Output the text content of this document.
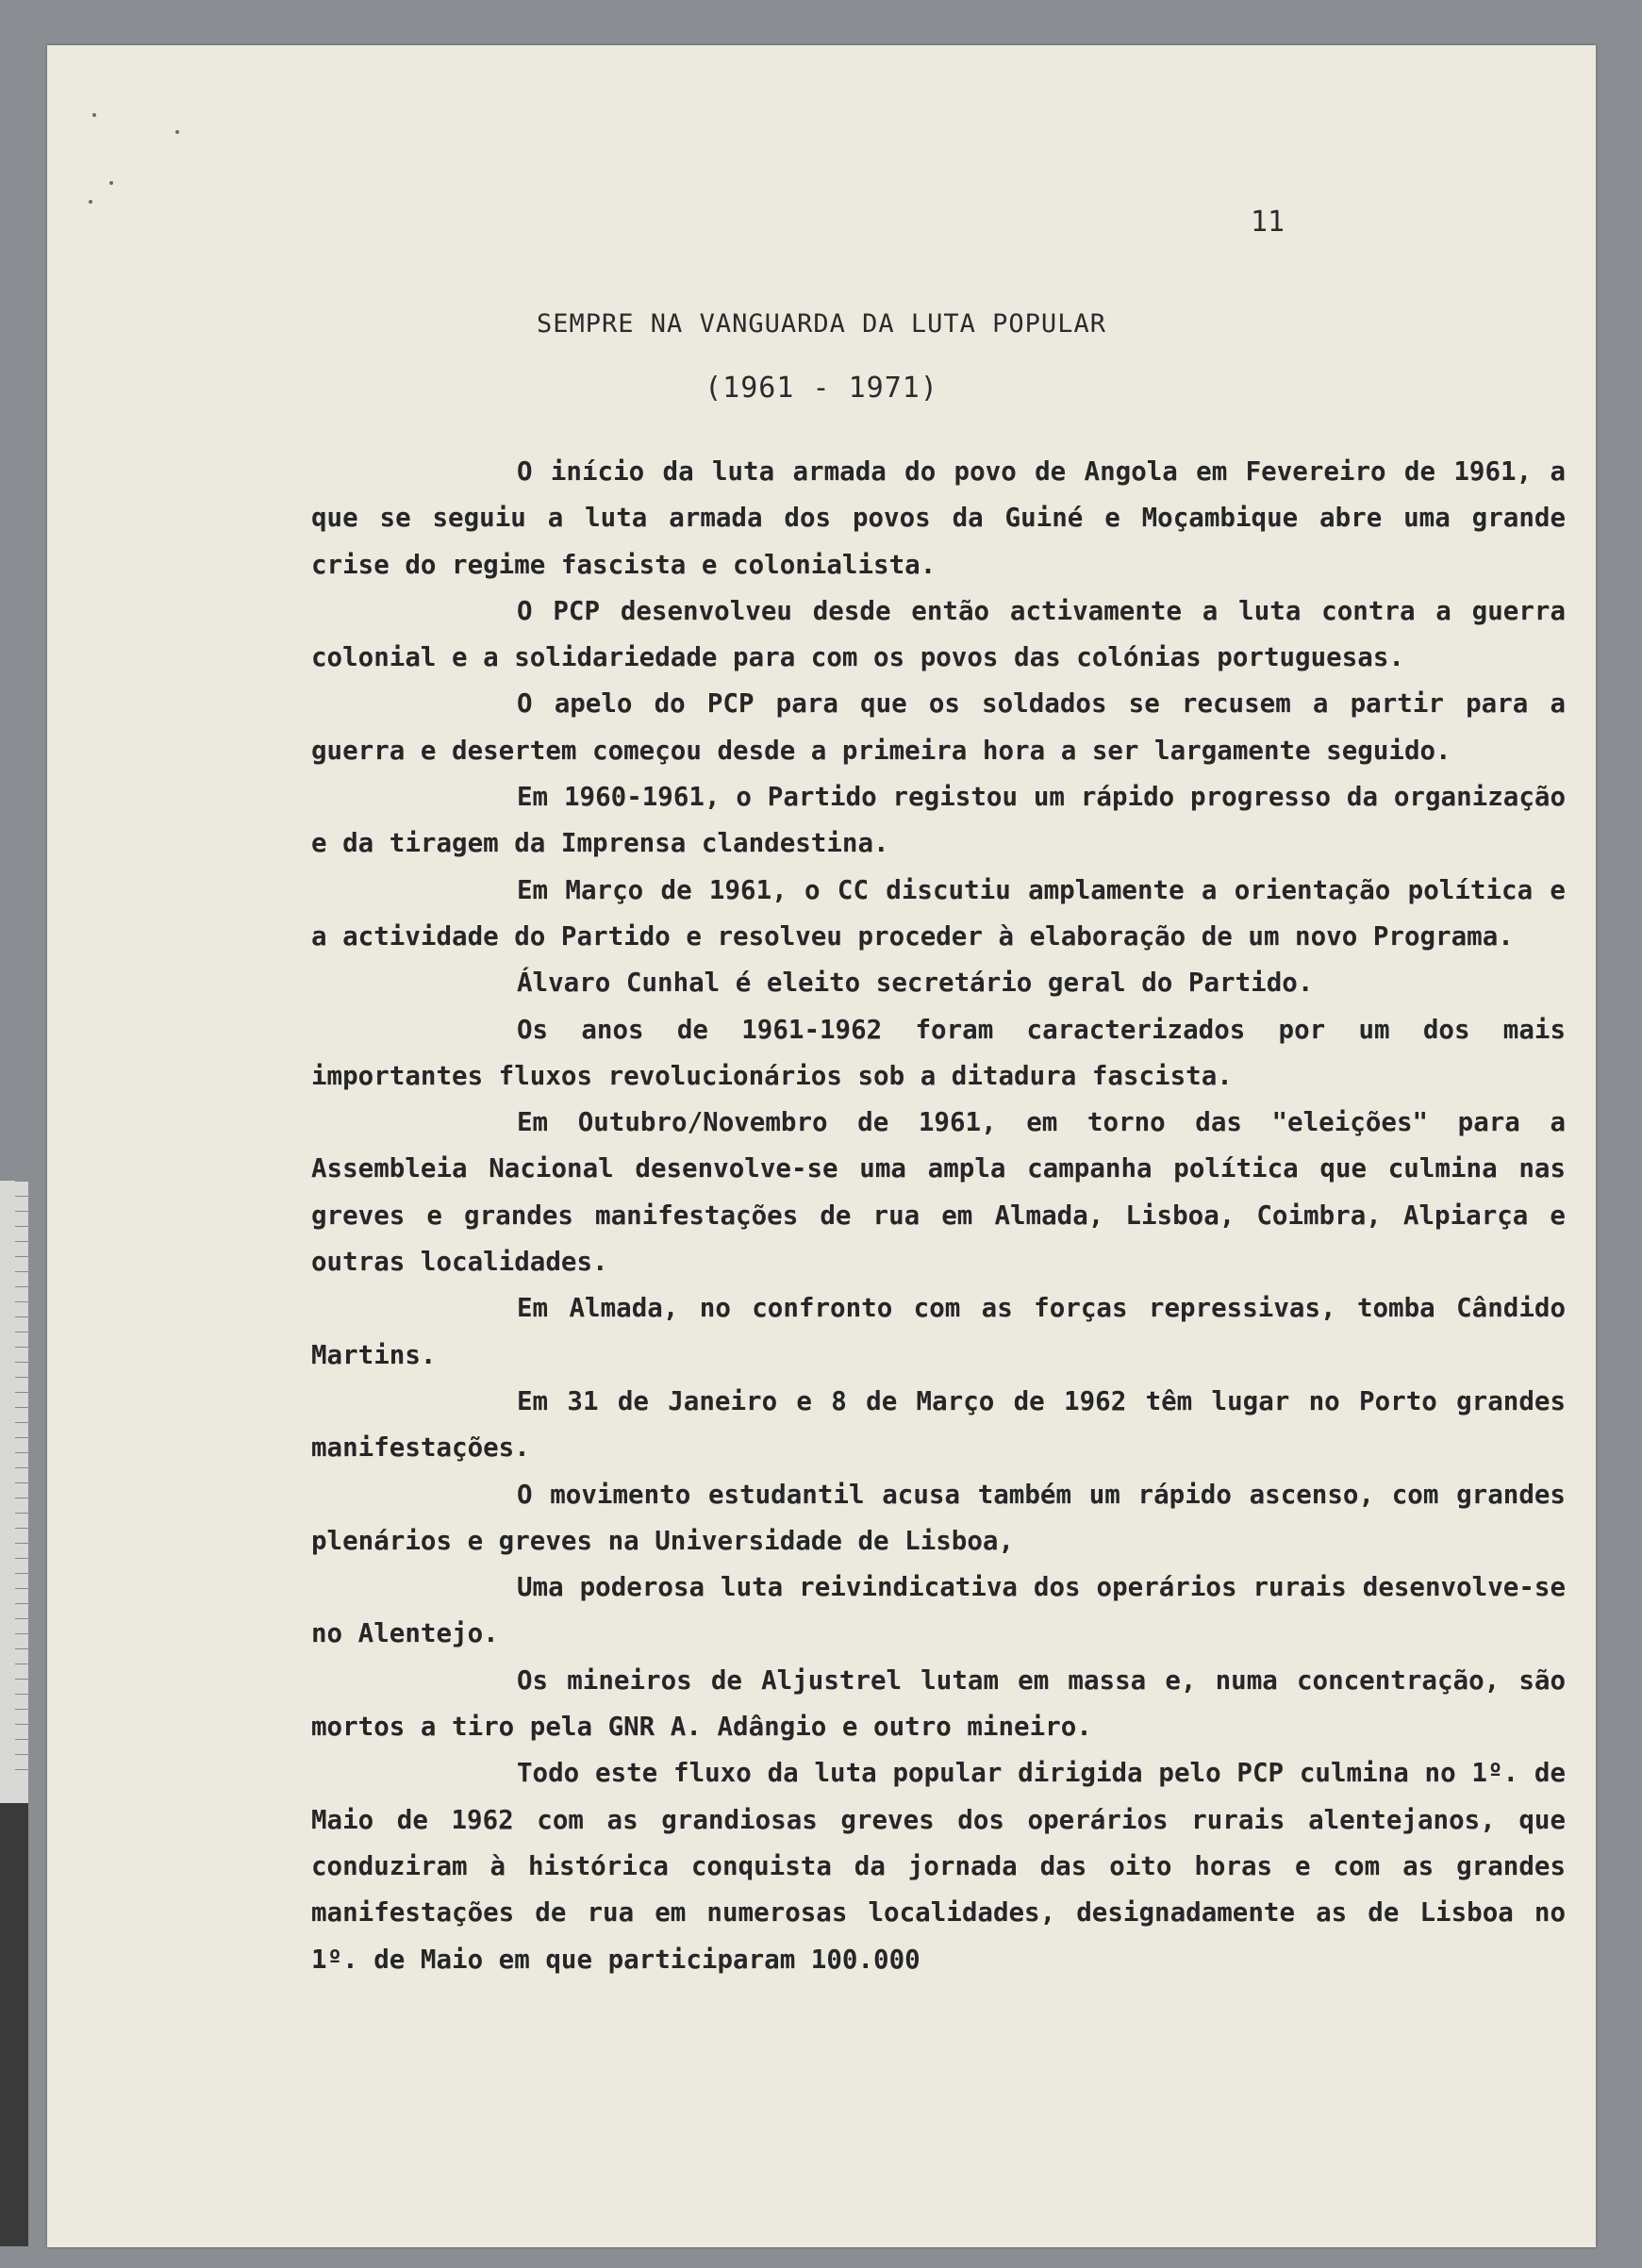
11

SEMPRE NA VANGUARDA DA LUTA POPULAR

(1961 - 1971)

O início da luta armada do povo de Angola em Fevereiro de 1961, a que se seguiu a luta armada dos povos da Guiné e Moçambique abre uma grande crise do regime fascista e colonialista.

O PCP desenvolveu desde então activamente a luta contra a guerra colonial e a solidariedade para com os povos das colónias portuguesas.

O apelo do PCP para que os soldados se recusem a partir para a guerra e desertem começou desde a primeira hora a ser largamente seguido.

Em 1960-1961, o Partido registou um rápido progresso da organização e da tiragem da Imprensa clandestina.

Em Março de 1961, o CC discutiu amplamente a orientação política e a actividade do Partido e resolveu proceder à elaboração de um novo Programa.

Álvaro Cunhal é eleito secretário geral do Partido.

Os anos de 1961-1962 foram caracterizados por um dos mais importantes fluxos revolucionários sob a ditadura fascista.

Em Outubro/Novembro de 1961, em torno das "eleições" para a Assembleia Nacional desenvolve-se uma ampla campanha política que culmina nas greves e grandes manifestações de rua em Almada, Lisboa, Coimbra, Alpiarça e outras localidades.

Em Almada, no confronto com as forças repressivas, tomba Cândido Martins.

Em 31 de Janeiro e 8 de Março de 1962 têm lugar no Porto grandes manifestações.

O movimento estudantil acusa também um rápido ascenso, com grandes plenários e greves na Universidade de Lisboa,

Uma poderosa luta reivindicativa dos operários rurais desenvolve-se no Alentejo.

Os mineiros de Aljustrel lutam em massa e, numa concentração, são mortos a tiro pela GNR A. Adângio e outro mineiro.

Todo este fluxo da luta popular dirigida pelo PCP culmina no 1º. de Maio de 1962 com as grandiosas greves dos operários rurais alentejanos, que conduziram à histórica conquista da jornada das oito horas e com as grandes manifestações de rua em numerosas localidades, designadamente as de Lisboa no 1º. de Maio em que participaram 100.000
